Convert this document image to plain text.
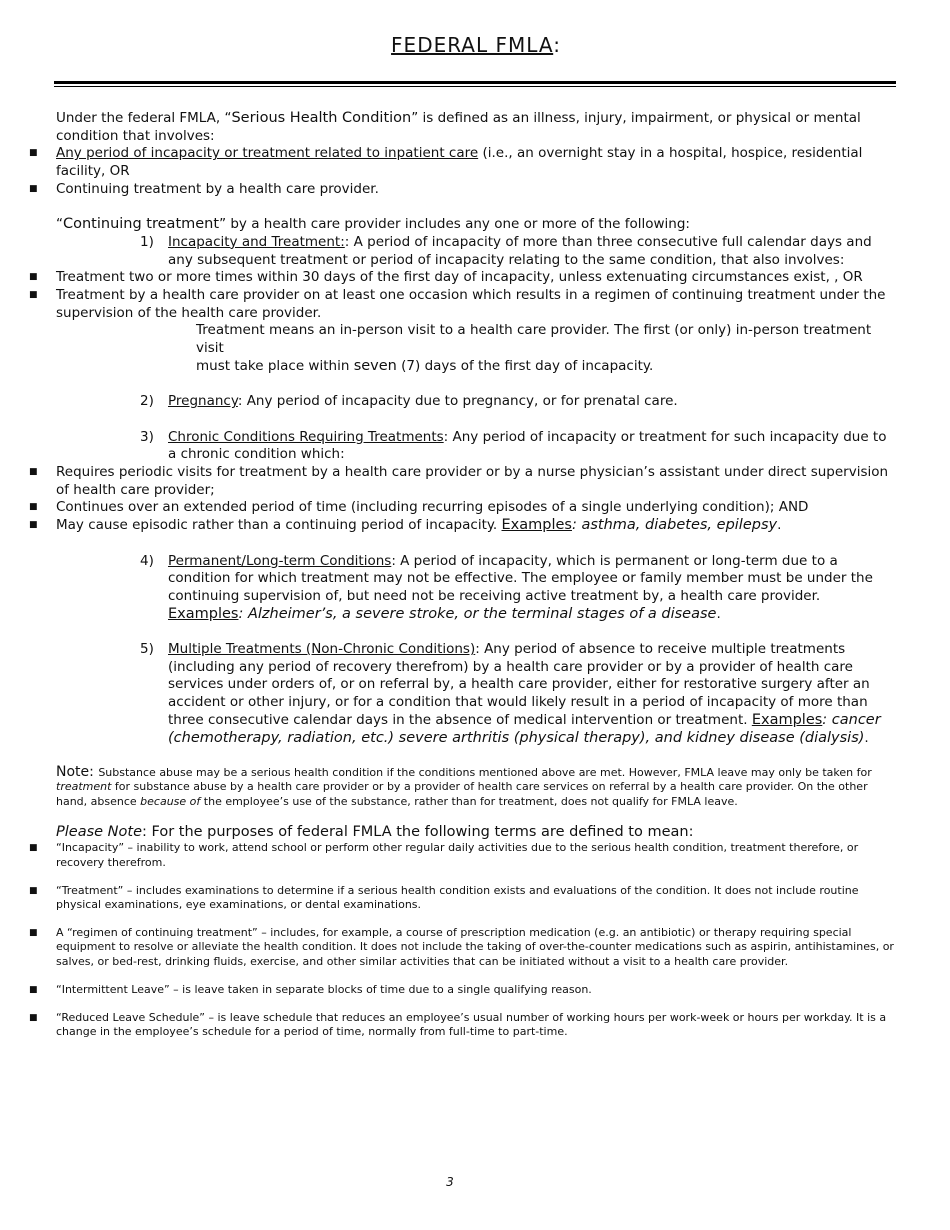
FEDERAL FMLA:

Under the federal FMLA, “Serious Health Condition” is defined as an illness, injury, impairment, or physical or mental condition that involves:

■ Any period of incapacity or treatment related to inpatient care (i.e., an overnight stay in a hospital, hospice, residential facility, OR
■ Continuing treatment by a health care provider.

“Continuing treatment” by a health care provider includes any one or more of the following:

1) Incapacity and Treatment:: A period of incapacity of more than three consecutive full calendar days and any subsequent treatment or period of incapacity relating to the same condition, that also involves:
■ Treatment two or more times within 30 days of the first day of incapacity, unless extenuating circumstances exist, , OR
■ Treatment by a health care provider on at least one occasion which results in a regimen of continuing treatment under the supervision of the health care provider.

Treatment means an in-person visit to a health care provider. The first (or only) in-person treatment visit
must take place within seven (7) days of the first day of incapacity.

2) Pregnancy: Any period of incapacity due to pregnancy, or for prenatal care.
3) Chronic Conditions Requiring Treatments: Any period of incapacity or treatment for such incapacity due to a chronic condition which:
■ Requires periodic visits for treatment by a health care provider or by a nurse physician’s assistant under direct supervision of health care provider;
■ Continues over an extended period of time (including recurring episodes of a single underlying condition); AND
■ May cause episodic rather than a continuing period of incapacity. Examples: asthma, diabetes, epilepsy.
4) Permanent/Long-term Conditions: A period of incapacity, which is permanent or long-term due to a condition for which treatment may not be effective. The employee or family member must be under the continuing supervision of, but need not be receiving active treatment by, a health care provider.
Examples: Alzheimer’s, a severe stroke, or the terminal stages of a disease.
5) Multiple Treatments (Non-Chronic Conditions): Any period of absence to receive multiple treatments (including any period of recovery therefrom) by a health care provider or by a provider of health care services under orders of, or on referral by, a health care provider, either for restorative surgery after an accident or other injury, or for a condition that would likely result in a period of incapacity of more than three consecutive calendar days in the absence of medical intervention or treatment. Examples: cancer (chemotherapy, radiation, etc.) severe arthritis (physical therapy), and kidney disease (dialysis).

Note: Substance abuse may be a serious health condition if the conditions mentioned above are met. However, FMLA leave may only be taken for treatment for substance abuse by a health care provider or by a provider of health care services on referral by a health care provider. On the other hand, absence because of the employee’s use of the substance, rather than for treatment, does not qualify for FMLA leave.

Please Note: For the purposes of federal FMLA the following terms are defined to mean:

■ “Incapacity” – inability to work, attend school or perform other regular daily activities due to the serious health condition, treatment therefore, or recovery therefrom.
■ “Treatment” – includes examinations to determine if a serious health condition exists and evaluations of the condition. It does not include routine physical examinations, eye examinations, or dental examinations.
■ A “regimen of continuing treatment” – includes, for example, a course of prescription medication (e.g. an antibiotic) or therapy requiring special equipment to resolve or alleviate the health condition. It does not include the taking of over-the-counter medications such as aspirin, antihistamines, or salves, or bed-rest, drinking fluids, exercise, and other similar activities that can be initiated without a visit to a health care provider.
■ “Intermittent Leave” – is leave taken in separate blocks of time due to a single qualifying reason.
■ “Reduced Leave Schedule” – is leave schedule that reduces an employee’s usual number of working hours per work-week or hours per workday. It is a change in the employee’s schedule for a period of time, normally from full-time to part-time.
3
